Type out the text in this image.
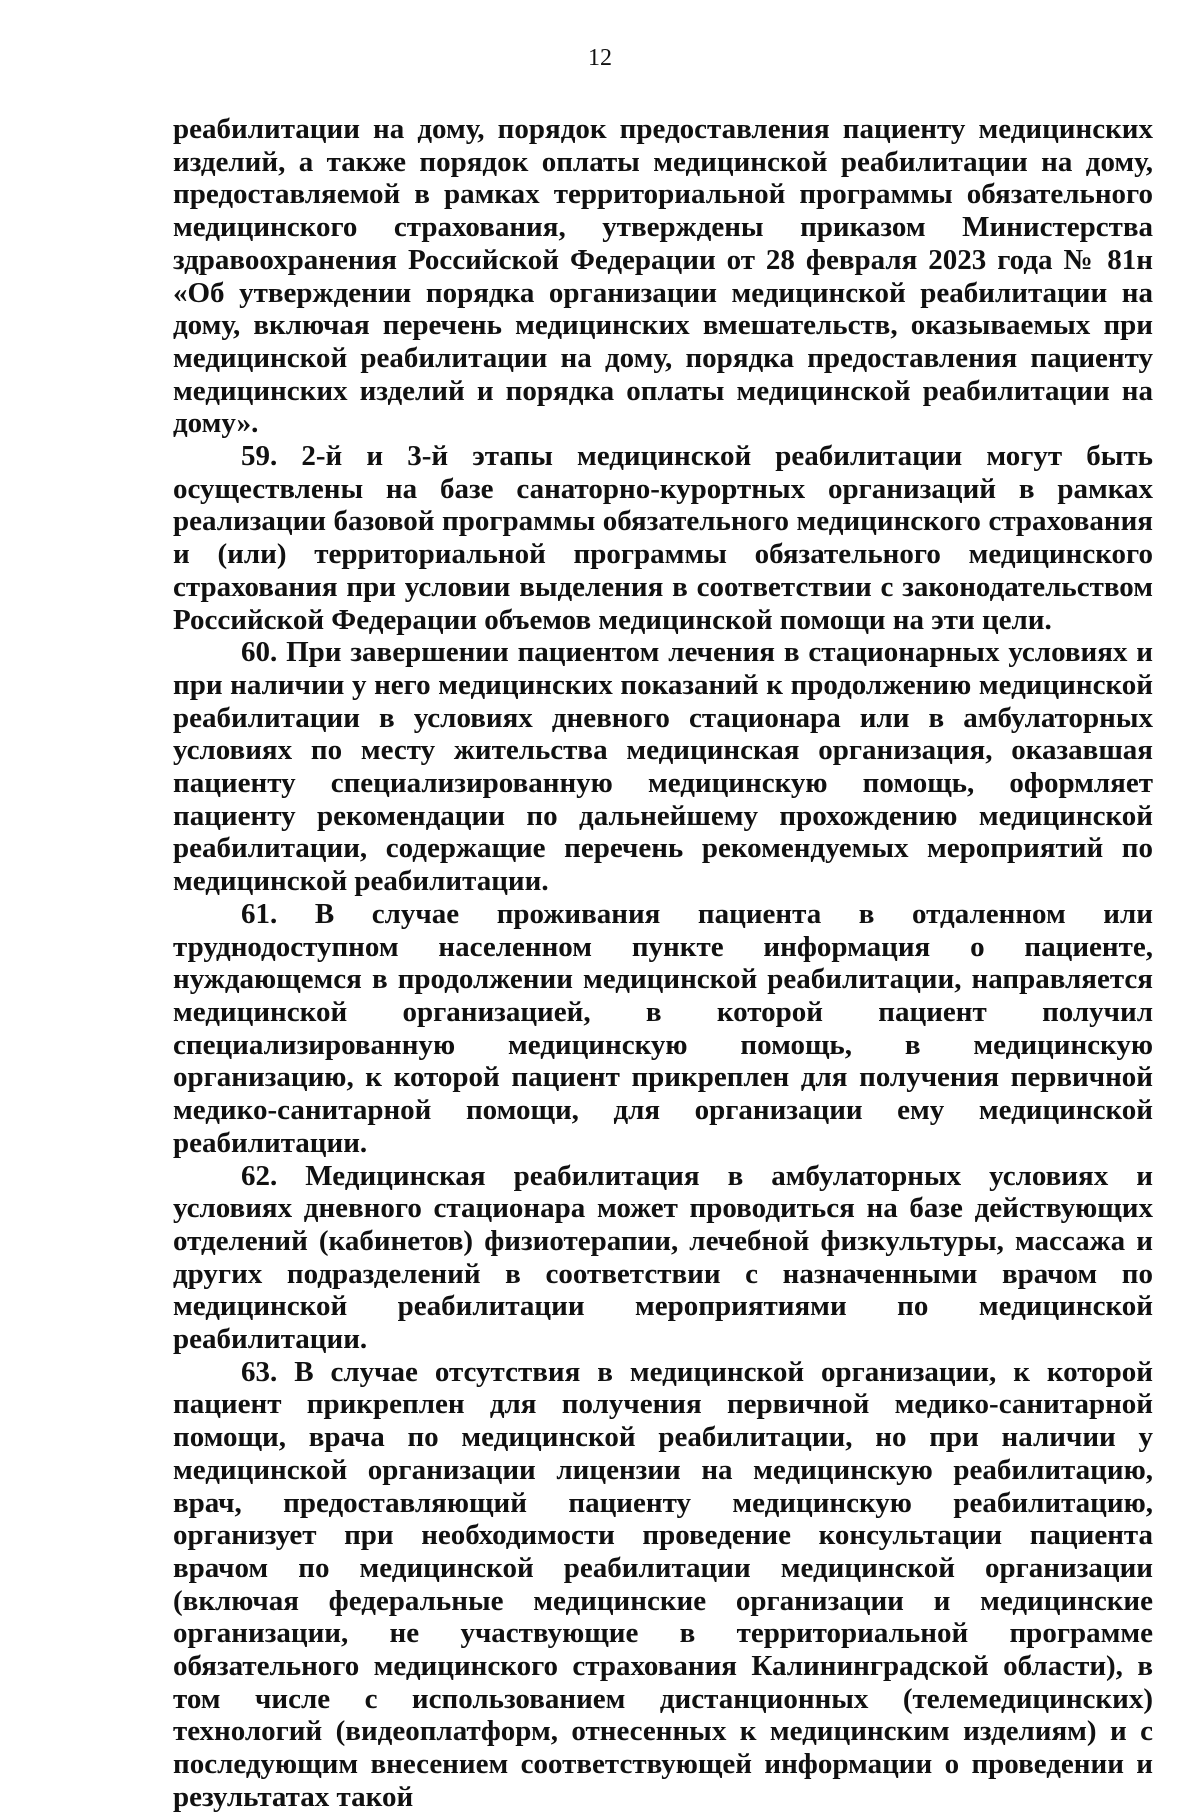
12

реабилитации на дому, порядок предоставления пациенту медицинских изделий, а также порядок оплаты медицинской реабилитации на дому, предоставляемой в рамках территориальной программы обязательного медицинского страхования, утверждены приказом Министерства здравоохранения Российской Федерации от 28 февраля 2023 года № 81н «Об утверждении порядка организации медицинской реабилитации на дому, включая перечень медицинских вмешательств, оказываемых при медицинской реабилитации на дому, порядка предоставления пациенту медицинских изделий и порядка оплаты медицинской реабилитации на дому».

59. 2-й и 3-й этапы медицинской реабилитации могут быть осуществлены на базе санаторно-курортных организаций в рамках реализации базовой программы обязательного медицинского страхования и (или) территориальной программы обязательного медицинского страхования при условии выделения в соответствии с законодательством Российской Федерации объемов медицинской помощи на эти цели.

60. При завершении пациентом лечения в стационарных условиях и при наличии у него медицинских показаний к продолжению медицинской реабилитации в условиях дневного стационара или в амбулаторных условиях по месту жительства медицинская организация, оказавшая пациенту специализированную медицинскую помощь, оформляет пациенту рекомендации по дальнейшему прохождению медицинской реабилитации, содержащие перечень рекомендуемых мероприятий по медицинской реабилитации.

61. В случае проживания пациента в отдаленном или труднодоступном населенном пункте информация о пациенте, нуждающемся в продолжении медицинской реабилитации, направляется медицинской организацией, в которой пациент получил специализированную медицинскую помощь, в медицинскую организацию, к которой пациент прикреплен для получения первичной медико-санитарной помощи, для организации ему медицинской реабилитации.

62. Медицинская реабилитация в амбулаторных условиях и условиях дневного стационара может проводиться на базе действующих отделений (кабинетов) физиотерапии, лечебной физкультуры, массажа и других подразделений в соответствии с назначенными врачом по медицинской реабилитации мероприятиями по медицинской реабилитации.

63. В случае отсутствия в медицинской организации, к которой пациент прикреплен для получения первичной медико-санитарной помощи, врача по медицинской реабилитации, но при наличии у медицинской организации лицензии на медицинскую реабилитацию, врач, предоставляющий пациенту медицинскую реабилитацию, организует при необходимости проведение консультации пациента врачом по медицинской реабилитации медицинской организации (включая федеральные медицинские организации и медицинские организации, не участвующие в территориальной программе обязательного медицинского страхования Калининградской области), в том числе с использованием дистанционных (телемедицинских) технологий (видеоплатформ, отнесенных к медицинским изделиям) и с последующим внесением соответствующей информации о проведении и результатах такой
